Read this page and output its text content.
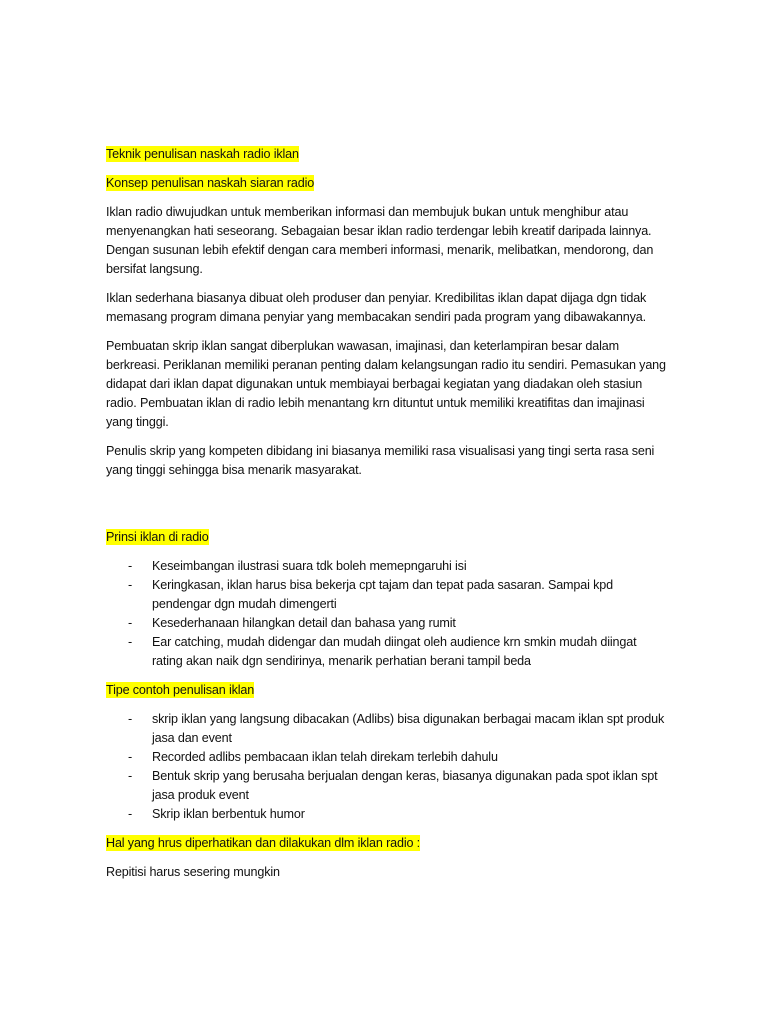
Teknik penulisan naskah radio iklan
Konsep penulisan naskah siaran radio

Iklan radio diwujudkan untuk memberikan informasi dan membujuk bukan untuk menghibur atau menyenangkan hati seseorang. Sebagaian besar iklan radio terdengar lebih kreatif daripada lainnya. Dengan susunan lebih efektif dengan cara memberi informasi, menarik, melibatkan, mendorong, dan bersifat langsung.

Iklan sederhana biasanya dibuat oleh produser dan penyiar. Kredibilitas iklan dapat dijaga dgn tidak memasang program dimana penyiar yang membacakan sendiri pada program yang dibawakannya.

Pembuatan skrip iklan sangat diberplukan wawasan, imajinasi, dan keterlampiran besar dalam berkreasi. Periklanan memiliki peranan penting dalam kelangsungan radio itu sendiri. Pemasukan yang didapat dari iklan dapat digunakan untuk membiayai berbagai kegiatan yang diadakan oleh stasiun radio. Pembuatan iklan di radio lebih menantang krn dituntut untuk memiliki kreatifitas dan imajinasi yang tinggi.

Penulis skrip yang kompeten dibidang ini biasanya memiliki rasa visualisasi yang tingi serta rasa seni yang tinggi sehingga bisa menarik masyarakat.

Prinsi iklan di radio
- Keseimbangan ilustrasi suara tdk boleh memepngaruhi isi
- Keringkasan, iklan harus bisa bekerja cpt tajam dan tepat pada sasaran. Sampai kpd pendengar dgn mudah dimengerti
- Kesederhanaan hilangkan detail dan bahasa yang rumit
- Ear catching, mudah didengar dan mudah diingat oleh audience krn smkin mudah diingat rating akan naik dgn sendirinya, menarik perhatian berani tampil beda
Tipe contoh penulisan iklan
- skrip iklan yang langsung dibacakan (Adlibs) bisa digunakan berbagai macam iklan spt produk jasa dan event
- Recorded adlibs pembacaan iklan telah direkam terlebih dahulu
- Bentuk skrip yang berusaha berjualan dengan keras, biasanya digunakan pada spot iklan spt jasa produk event
- Skrip iklan berbentuk humor
Hal yang hrus diperhatikan dan dilakukan dlm iklan radio :

Repitisi harus sesering mungkin
